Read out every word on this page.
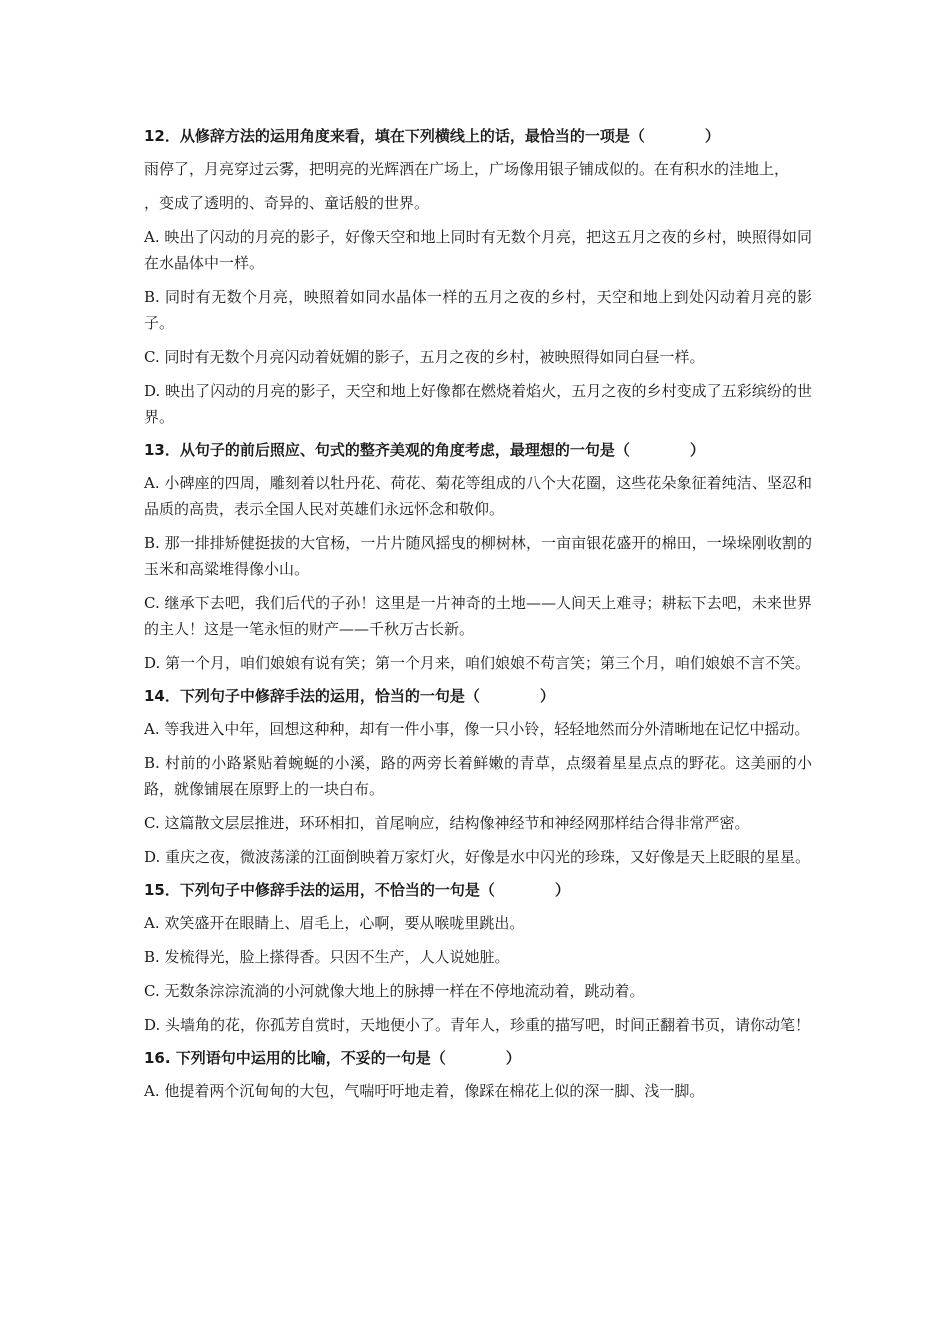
12．从修辞方法的运用角度来看，填在下列横线上的话，最恰当的一项是（　　　　）

雨停了，月亮穿过云雾，把明亮的光辉洒在广场上，广场像用银子铺成似的。在有积水的洼地上，

，变成了透明的、奇异的、童话般的世界。

A. 映出了闪动的月亮的影子，好像天空和地上同时有无数个月亮，把这五月之夜的乡村，映照得如同在水晶体中一样。

B. 同时有无数个月亮，映照着如同水晶体一样的五月之夜的乡村，天空和地上到处闪动着月亮的影子。

C. 同时有无数个月亮闪动着妩媚的影子，五月之夜的乡村，被映照得如同白昼一样。

D. 映出了闪动的月亮的影子，天空和地上好像都在燃烧着焰火，五月之夜的乡村变成了五彩缤纷的世界。

13．从句子的前后照应、句式的整齐美观的角度考虑，最理想的一句是（　　　　）

A. 小碑座的四周，雕刻着以牡丹花、荷花、菊花等组成的八个大花圈，这些花朵象征着纯洁、坚忍和品质的高贵，表示全国人民对英雄们永远怀念和敬仰。

B. 那一排排矫健挺拔的大官杨，一片片随风摇曳的柳树林，一亩亩银花盛开的棉田，一垛垛刚收割的玉米和高粱堆得像小山。

C. 继承下去吧，我们后代的子孙！这里是一片神奇的土地——人间天上难寻；耕耘下去吧，未来世界的主人！这是一笔永恒的财产——千秋万古长新。

D. 第一个月，咱们娘娘有说有笑；第一个月来，咱们娘娘不苟言笑；第三个月，咱们娘娘不言不笑。

14．下列句子中修辞手法的运用，恰当的一句是（　　　　）

A. 等我进入中年，回想这种种，却有一件小事，像一只小铃，轻轻地然而分外清晰地在记忆中摇动。

B. 村前的小路紧贴着蜿蜒的小溪，路的两旁长着鲜嫩的青草，点缀着星星点点的野花。这美丽的小路，就像铺展在原野上的一块白布。

C. 这篇散文层层推进，环环相扣，首尾响应，结构像神经节和神经网那样结合得非常严密。

D. 重庆之夜，微波荡漾的江面倒映着万家灯火，好像是水中闪光的珍珠，又好像是天上眨眼的星星。

15．下列句子中修辞手法的运用，不恰当的一句是（　　　　）

A. 欢笑盛开在眼睛上、眉毛上，心啊，要从喉咙里跳出。

B. 发梳得光，脸上搽得香。只因不生产，人人说她脏。

C. 无数条淙淙流淌的小河就像大地上的脉搏一样在不停地流动着，跳动着。

D. 头墙角的花，你孤芳自赏时，天地便小了。青年人，珍重的描写吧，时间正翻着书页，请你动笔！

16. 下列语句中运用的比喻，不妥的一句是（　　　　）

A. 他提着两个沉甸甸的大包，气喘吁吁地走着，像踩在棉花上似的深一脚、浅一脚。
